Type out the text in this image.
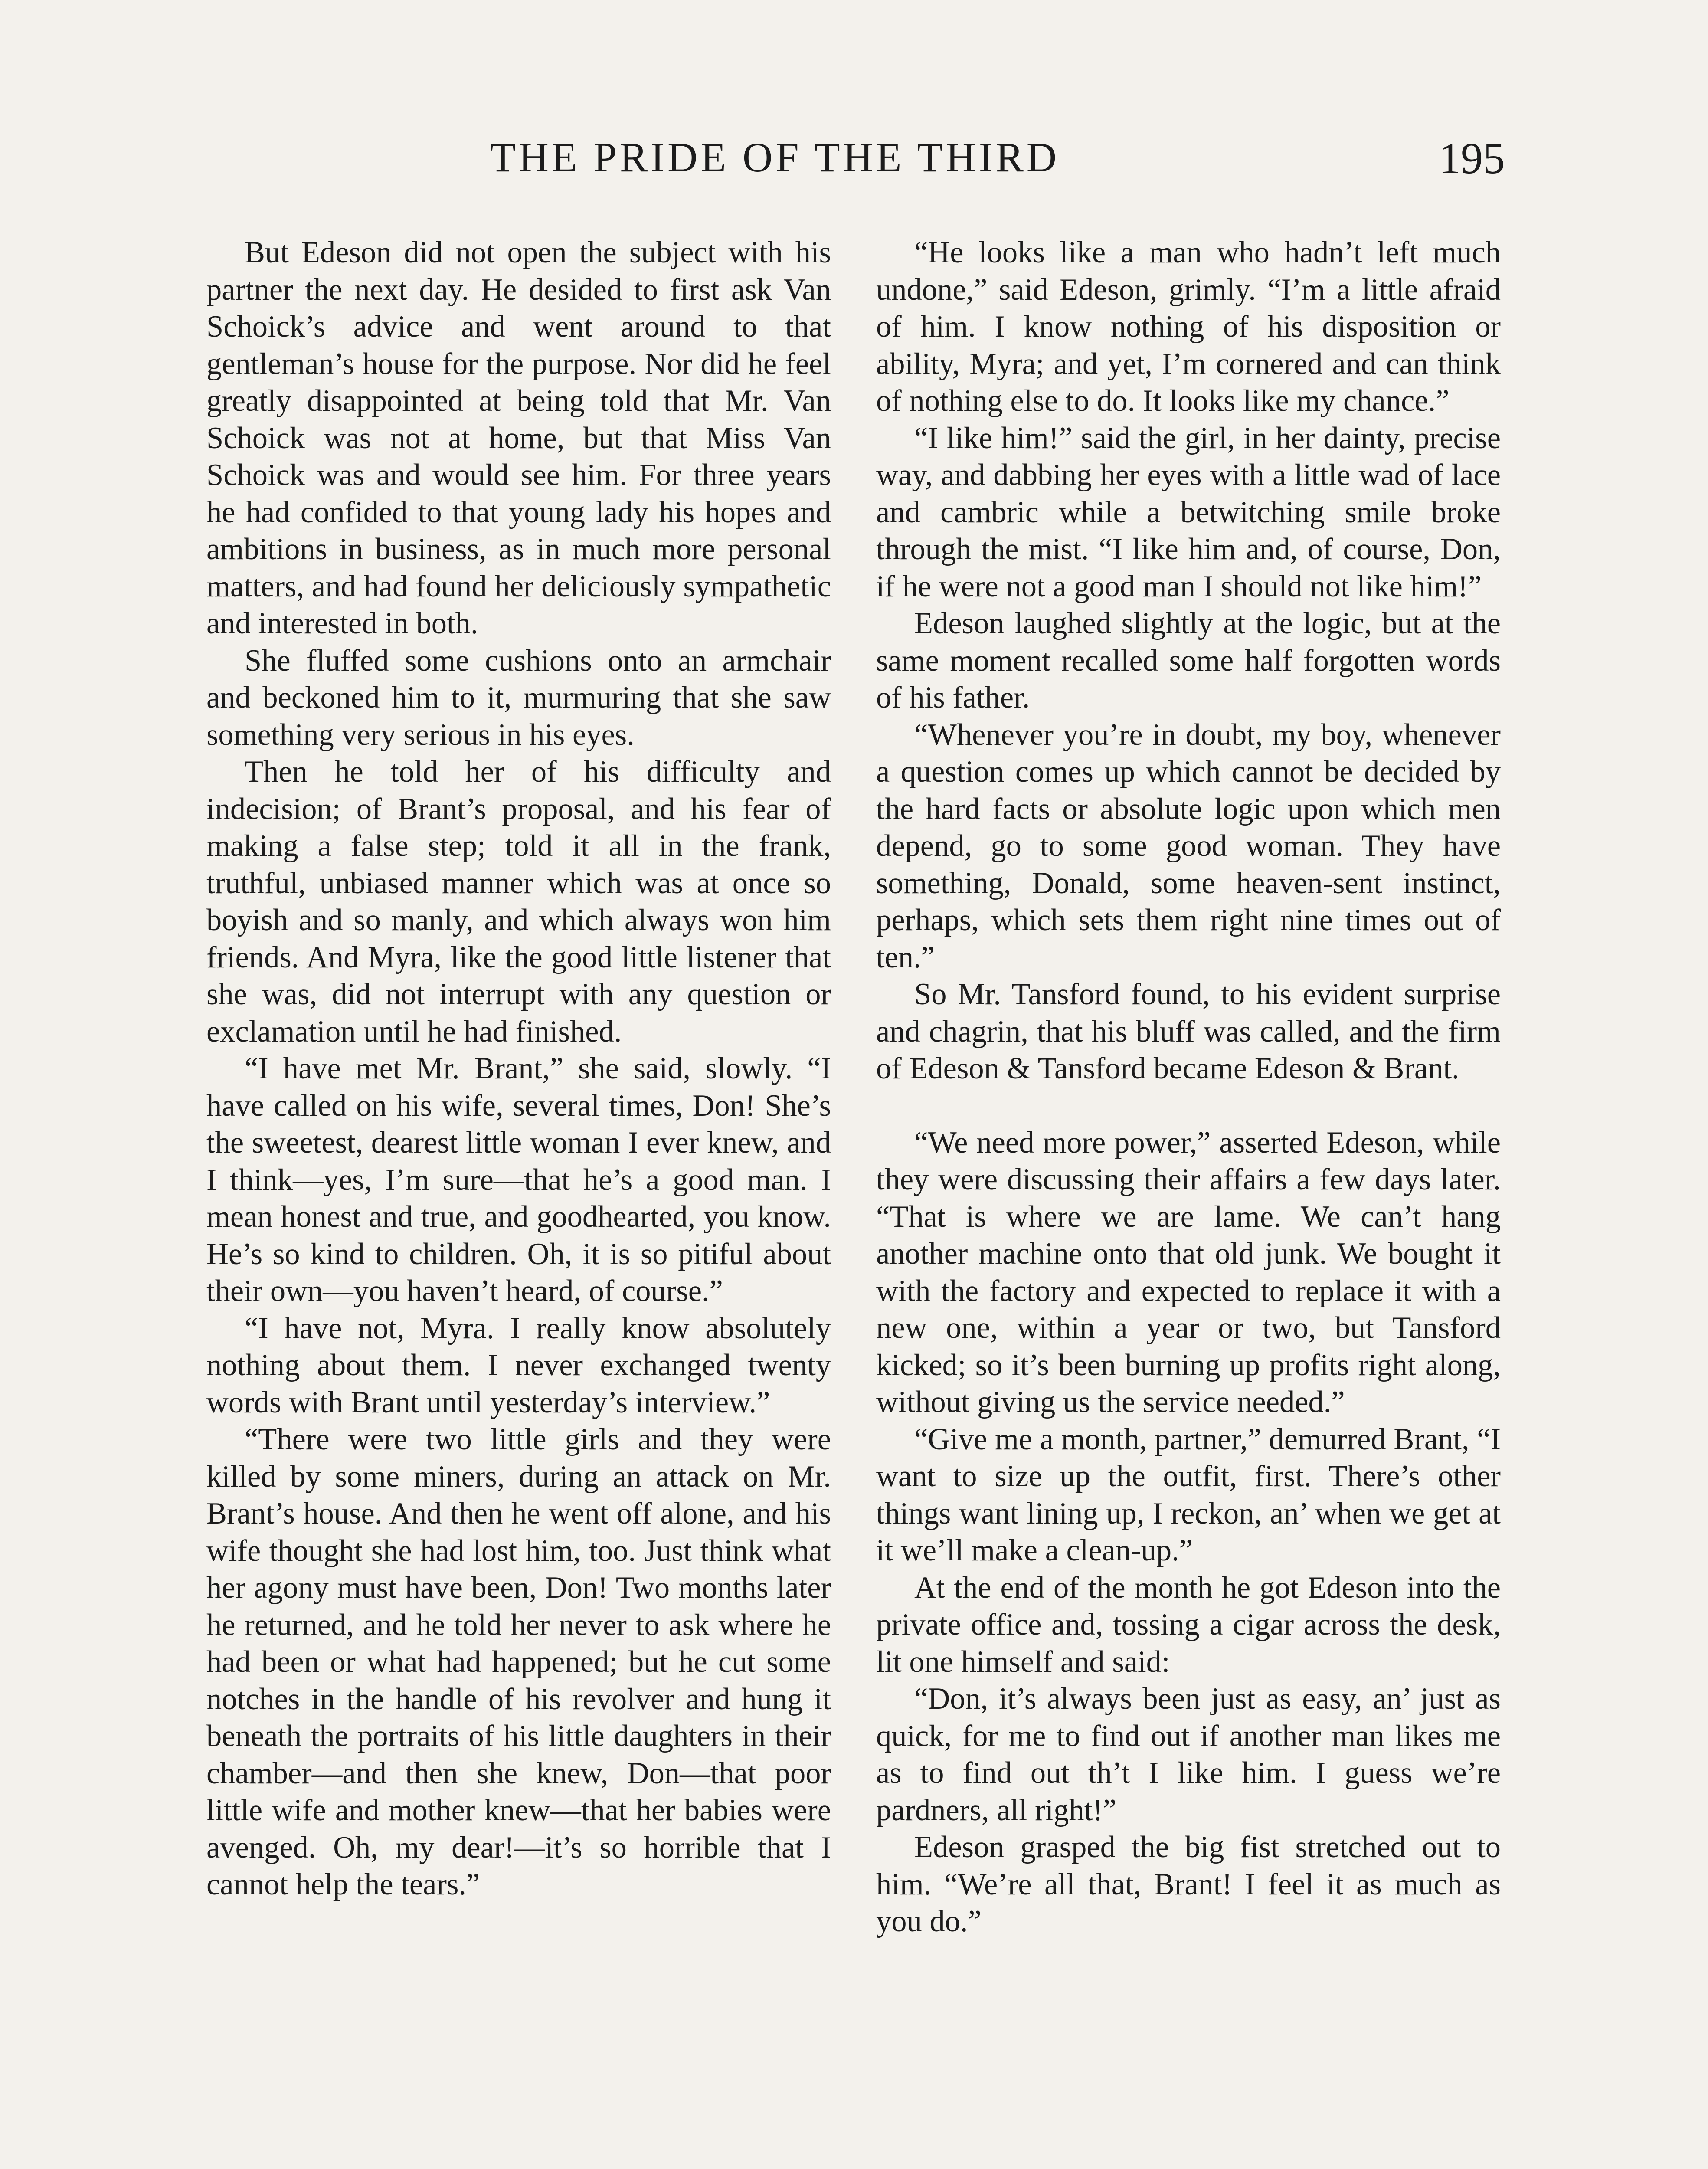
THE PRIDE OF THE THIRD	195

But Edeson did not open the subject with his partner the next day. He desided to first ask Van Schoick’s advice and went around to that gentleman’s house for the purpose. Nor did he feel greatly disappointed at being told that Mr. Van Schoick was not at home, but that Miss Van Schoick was and would see him. For three years he had confided to that young lady his hopes and ambitions in business, as in much more personal matters, and had found her deliciously sympathetic and interested in both.

She fluffed some cushions onto an armchair and beckoned him to it, murmuring that she saw something very serious in his eyes.

Then he told her of his difficulty and indecision; of Brant’s proposal, and his fear of making a false step; told it all in the frank, truthful, unbiased manner which was at once so boyish and so manly, and which always won him friends. And Myra, like the good little listener that she was, did not interrupt with any question or exclamation until he had finished.

“I have met Mr. Brant,” she said, slowly. “I have called on his wife, several times, Don! She’s the sweetest, dearest little woman I ever knew, and I think—yes, I’m sure—that he’s a good man. I mean honest and true, and goodhearted, you know. He’s so kind to children. Oh, it is so pitiful about their own—you haven’t heard, of course.”

“I have not, Myra. I really know absolutely nothing about them. I never exchanged twenty words with Brant until yesterday’s interview.”

“There were two little girls and they were killed by some miners, during an attack on Mr. Brant’s house. And then he went off alone, and his wife thought she had lost him, too. Just think what her agony must have been, Don! Two months later he returned, and he told her never to ask where he had been or what had happened; but he cut some notches in the handle of his revolver and hung it beneath the portraits of his little daughters in their chamber—and then she knew, Don—that poor little wife and mother knew—that her babies were avenged. Oh, my dear!—it’s so horrible that I cannot help the tears.”

“He looks like a man who hadn’t left much undone,” said Edeson, grimly. “I’m a little afraid of him. I know nothing of his disposition or ability, Myra; and yet, I’m cornered and can think of nothing else to do. It looks like my chance.”

“I like him!” said the girl, in her dainty, precise way, and dabbing her eyes with a little wad of lace and cambric while a betwitching smile broke through the mist. “I like him and, of course, Don, if he were not a good man I should not like him!”

Edeson laughed slightly at the logic, but at the same moment recalled some half forgotten words of his father.

“Whenever you’re in doubt, my boy, whenever a question comes up which cannot be decided by the hard facts or absolute logic upon which men depend, go to some good woman. They have something, Donald, some heaven-sent instinct, perhaps, which sets them right nine times out of ten.”

So Mr. Tansford found, to his evident surprise and chagrin, that his bluff was called, and the firm of Edeson & Tansford became Edeson & Brant.

“We need more power,” asserted Edeson, while they were discussing their affairs a few days later. “That is where we are lame. We can’t hang another machine onto that old junk. We bought it with the factory and expected to replace it with a new one, within a year or two, but Tansford kicked; so it’s been burning up profits right along, without giving us the service needed.”

“Give me a month, partner,” demurred Brant, “I want to size up the outfit, first. There’s other things want lining up, I reckon, an’ when we get at it we’ll make a clean-up.”

At the end of the month he got Edeson into the private office and, tossing a cigar across the desk, lit one himself and said:

“Don, it’s always been just as easy, an’ just as quick, for me to find out if another man likes me as to find out th’t I like him. I guess we’re pardners, all right!”

Edeson grasped the big fist stretched out to him. “We’re all that, Brant! I feel it as much as you do.”
